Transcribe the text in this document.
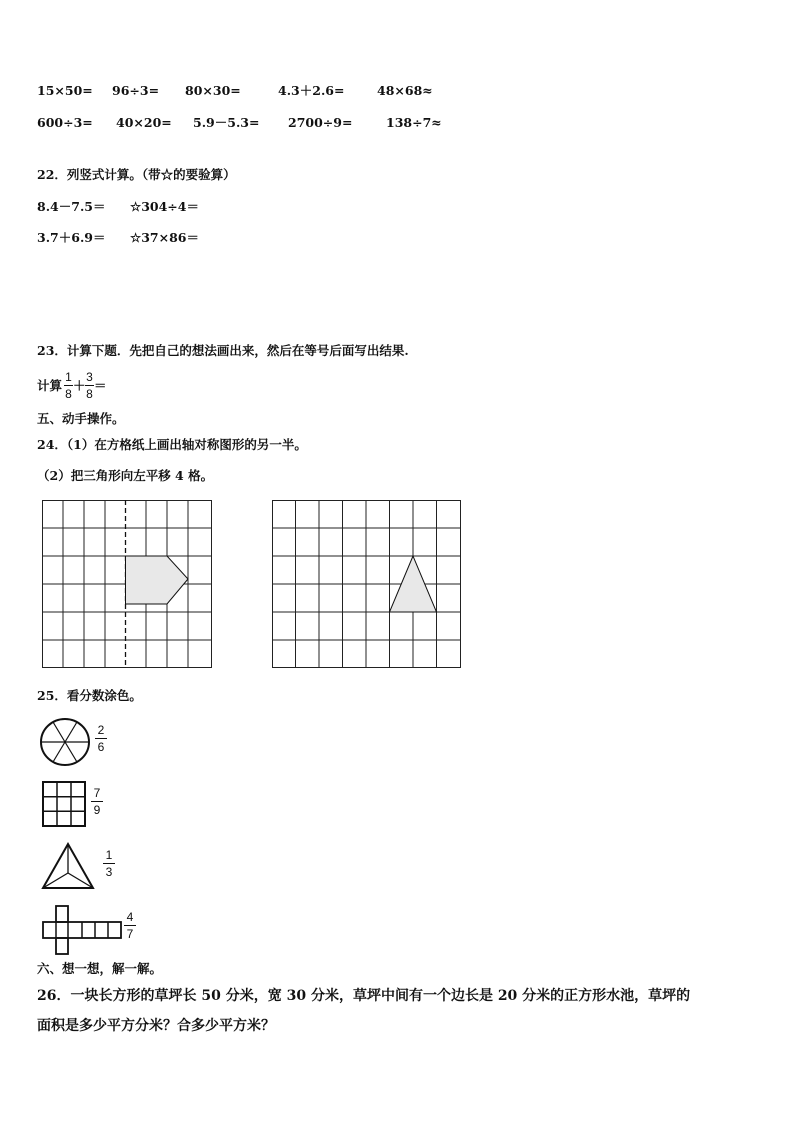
15×50= 96÷3= 80×30=	4.3＋2.6=	48×68≈
600÷3= 40×20= 5.9－5.3= 2700÷9=	138÷7≈
22．列竖式计算。（带☆的要验算）
8.4－7.5＝ ☆304÷4＝
3.7＋6.9＝ ☆37×86＝
23．计算下题．先把自己的想法画出来，然后在等号后面写出结果.
计算
1
8
＋
3
8
＝
五、动手操作。
24．（1）在方格纸上画出轴对称图形的另一半。
（2）把三角形向左平移 4 格。
25．看分数涂色。
2
6
7
9
1
3
4
7
六、想一想，解一解。
26．一块长方形的草坪长 50 分米，宽 30 分米，草坪中间有一个边长是 20 分米的正方形水池，草坪的
面积是多少平方分米？合多少平方米？
